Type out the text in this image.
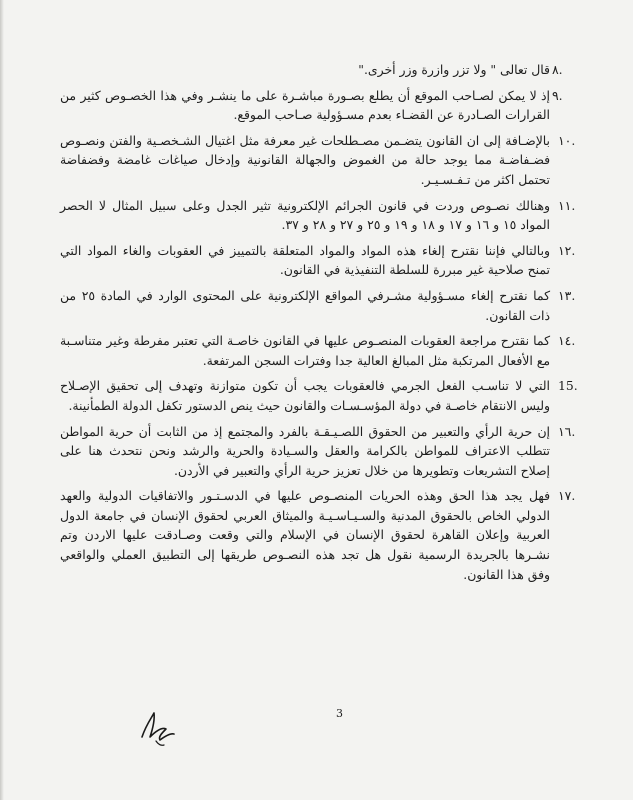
.٨
قال تعالى " ولا تزر وازرة وزر أخرى."
.٩
إذ لا يمكن لصـاحب الموقع أن يطلع بصـورة مباشـرة على ما ينشـر وفي هذا الخصـوص كثير من القرارات الصـادرة عن القضـاء بعدم مسـؤولية صـاحب الموقع.
.١٠
بالإضـافة إلى ان القانون يتضـمن مصـطلحات غير معرفة مثل اغتيال الشـخصـية والفتن ونصـوص فضـفاضـة مما يوجد حالة من الغموض والجهالة القانونية وإدخال صياغات غامضة وفضفاضة تحتمل اكثر من تـفـسـيـر.
.١١
وهنالك نصـوص وردت في قانون الجرائم الإلكترونية تثير الجدل وعلى سبيل المثال لا الحصر المواد ١٥ و ١٦ و ١٧ و ١٨ و ١٩ و ٢٥ و ٢٧ و ٢٨ و ٣٧.
.١٢
وبالتالي فإننا نقترح إلغاء هذه المواد والمواد المتعلقة بالتمييز في العقوبات والغاء المواد التي تمنح صلاحية غير مبررة للسلطة التنفيذية في القانون.
.١٣
كما نقترح إلغاء مسـؤولية مشـرفي المواقع الإلكترونية على المحتوى الوارد في المادة ٢٥ من ذات القانون.
.١٤
كما نقترح مراجعة العقوبات المنصـوص عليها في القانون خاصـة التي تعتبر مفرطة وغير متناسـبة مع الأفعال المرتكبة مثل المبالغ العالية جدا وفترات السجن المرتفعة.
.15
التي لا تناسـب الفعل الجرمي فالعقوبات يجب أن تكون متوازنة وتهدف إلى تحقيق الإصـلاح وليس الانتقام خاصـة في دولة المؤسـسـات والقانون حيث ينص الدستور تكفل الدولة الطمأنينة.
.١٦
إن حرية الرأي والتعبير من الحقوق اللصـيـقـة بالفرد والمجتمع إذ من الثابت أن حرية المواطن تتطلب الاعتراف للمواطن بالكرامة والعقل والسـيادة والحرية والرشد ونحن نتحدث هنا على إصلاح التشريعات وتطويرها من خلال تعزيز حرية الرأي والتعبير في الأردن.
.١٧
فهل يجد هذا الحق وهذه الحريات المنصـوص عليها في الدسـتـور والاتفاقيات الدولية والعهد الدولي الخاص بالحقوق المدنية والسـيـاسـيـة والميثاق العربي لحقوق الإنسان في جامعة الدول العربية وإعلان القاهرة لحقوق الإنسان في الإسلام والتي وقعت وصـادقت عليها الاردن وتم نشـرها بالجريدة الرسمية نقول هل تجد هذه النصـوص طريقها إلى التطبيق العملي والواقعي وفق هذا القانون.
3
